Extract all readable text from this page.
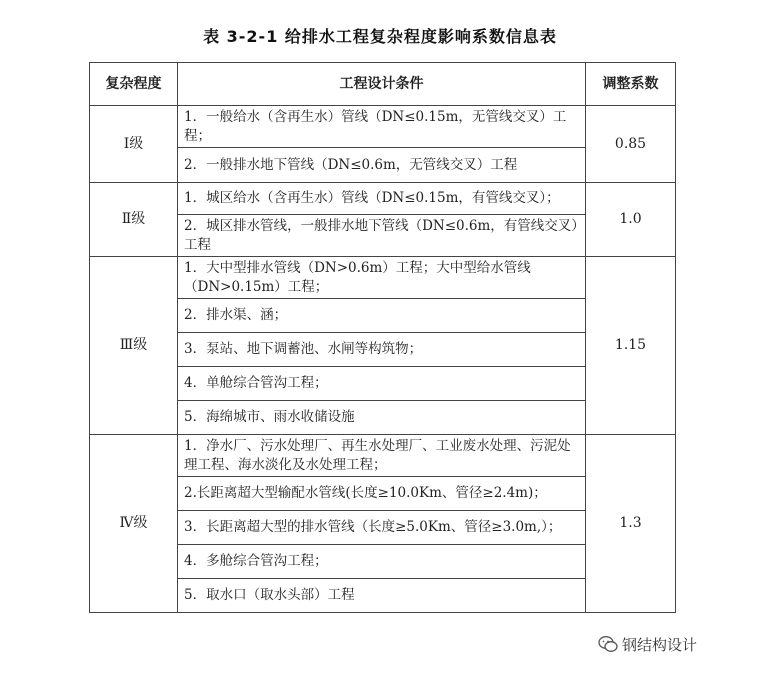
表 3-2-1 给排水工程复杂程度影响系数信息表
复杂程度	工程设计条件	调整系数
Ⅰ级	1．一般给水（含再生水）管线（DN≤0.15m，无管线交叉）工程；	0.85
	2．一般排水地下管线（DN≤0.6m，无管线交叉）工程	
Ⅱ级	1．城区给水（含再生水）管线（DN≤0.15m，有管线交叉）；	1.0
	2．城区排水管线，一般排水地下管线（DN≤0.6m，有管线交叉）工程	
Ⅲ级	1．大中型排水管线（DN>0.6m）工程；大中型给水管线（DN>0.15m）工程；	1.15
	2．排水渠、涵；	
	3．泵站、地下调蓄池、水闸等构筑物；	
	4．单舱综合管沟工程；	
	5．海绵城市、雨水收储设施	
Ⅳ级	1．净水厂、污水处理厂、再生水处理厂、工业废水处理、污泥处理工程、海水淡化及水处理工程；	1.3
	2.长距离超大型输配水管线(长度≥10.0Km、管径≥2.4m)；	
	3．长距离超大型的排水管线（长度≥5.0Km、管径≥3.0m,）；	
	4．多舱综合管沟工程；	
	5．取水口（取水头部）工程	
钢结构设计
